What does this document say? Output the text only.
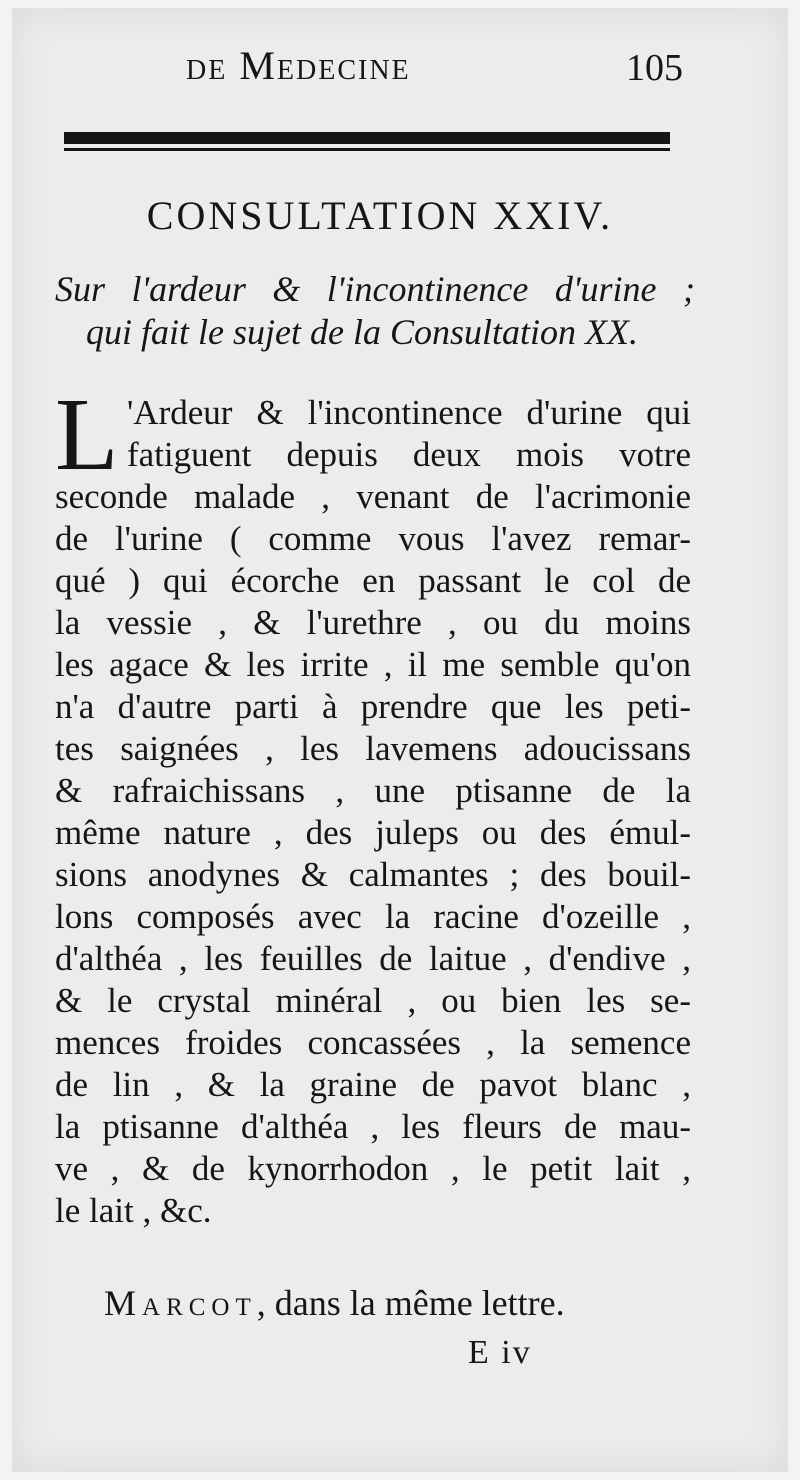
de Medecine	105
CONSULTATION XXIV.
Sur l'ardeur & l'incontinence d'urine ;
qui fait le sujet de la Consultation XX.
L 'Ardeur & l'incontinence d'urine qui
fatiguent depuis deux mois votre
seconde malade , venant de l'acrimonie
de l'urine ( comme vous l'avez remar-
qué ) qui écorche en passant le col de
la vessie , & l'urethre , ou du moins
les agace & les irrite , il me semble qu'on
n'a d'autre parti à prendre que les peti-
tes saignées , les lavemens adoucissans
& rafraichissans , une ptisanne de la
même nature , des juleps ou des émul-
sions anodynes & calmantes ; des bouil-
lons composés avec la racine d'ozeille ,
d'althéa , les feuilles de laitue , d'endive ,
& le crystal minéral , ou bien les se-
mences froides concassées , la semence
de lin , & la graine de pavot blanc ,
la ptisanne d'althéa , les fleurs de mau-
ve , & de kynorrhodon , le petit lait ,
le lait , &c.
Marcot, dans la même lettre.
E iv
